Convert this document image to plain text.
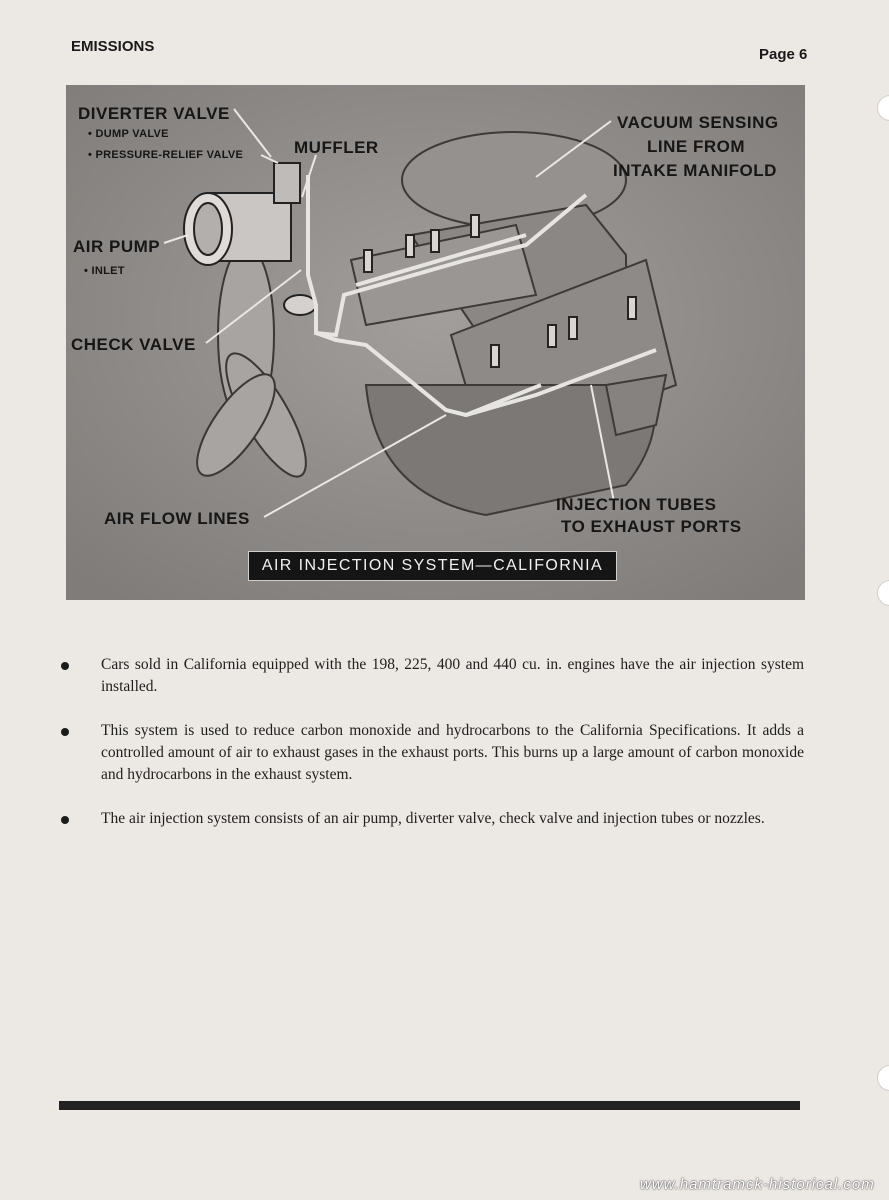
EMISSIONS	Page 6
DIVERTER VALVE
• DUMP VALVE
• PRESSURE-RELIEF VALVE	MUFFLER
VACUUM SENSING
LINE FROM
INTAKE MANIFOLD
AIR PUMP
• INLET
CHECK VALVE
AIR FLOW LINES
INJECTION TUBES
TO EXHAUST PORTS
AIR INJECTION SYSTEM—CALIFORNIA

Cars sold in California equipped with the 198, 225, 400 and 440 cu. in. engines have the air injection system installed.

This system is used to reduce carbon monoxide and hydrocarbons to the California Specifications. It adds a controlled amount of air to exhaust gases in the exhaust ports. This burns up a large amount of carbon monoxide and hydrocarbons in the exhaust system.

The air injection system consists of an air pump, diverter valve, check valve and injection tubes or nozzles.

www.hamtramck-historical.com
